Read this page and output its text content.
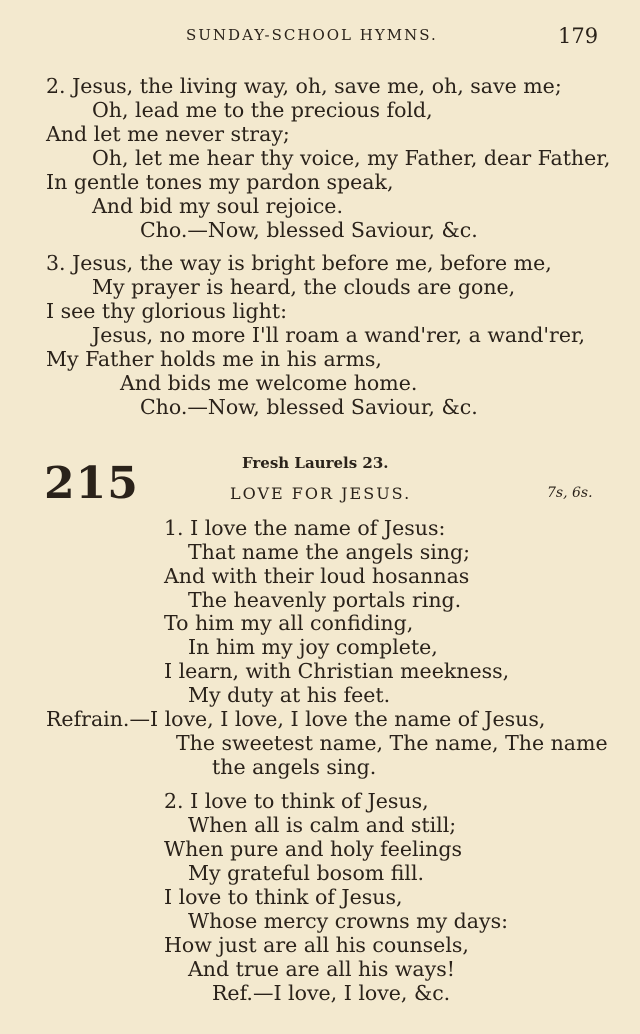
SUNDAY-SCHOOL HYMNS.	179
2. Jesus, the living way, oh, save me, oh, save me;
Oh, lead me to the precious fold,
And let me never stray;
Oh, let me hear thy voice, my Father, dear Father,
In gentle tones my pardon speak,
And bid my soul rejoice.
Cho.—Now, blessed Saviour, &c.
3. Jesus, the way is bright before me, before me,
My prayer is heard, the clouds are gone,
I see thy glorious light:
Jesus, no more I'll roam a wand'rer, a wand'rer,
My Father holds me in his arms,
And bids me welcome home.
Cho.—Now, blessed Saviour, &c.
215	Fresh Laurels 23.
LOVE FOR JESUS.	7s, 6s.
1. I love the name of Jesus:
That name the angels sing;
And with their loud hosannas
The heavenly portals ring.
To him my all confiding,
In him my joy complete,
I learn, with Christian meekness,
My duty at his feet.
Refrain.—I love, I love, I love the name of Jesus,
The sweetest name, The name, The name
the angels sing.
2. I love to think of Jesus,
When all is calm and still;
When pure and holy feelings
My grateful bosom fill.
I love to think of Jesus,
Whose mercy crowns my days:
How just are all his counsels,
And true are all his ways!
Ref.—I love, I love, &c.
